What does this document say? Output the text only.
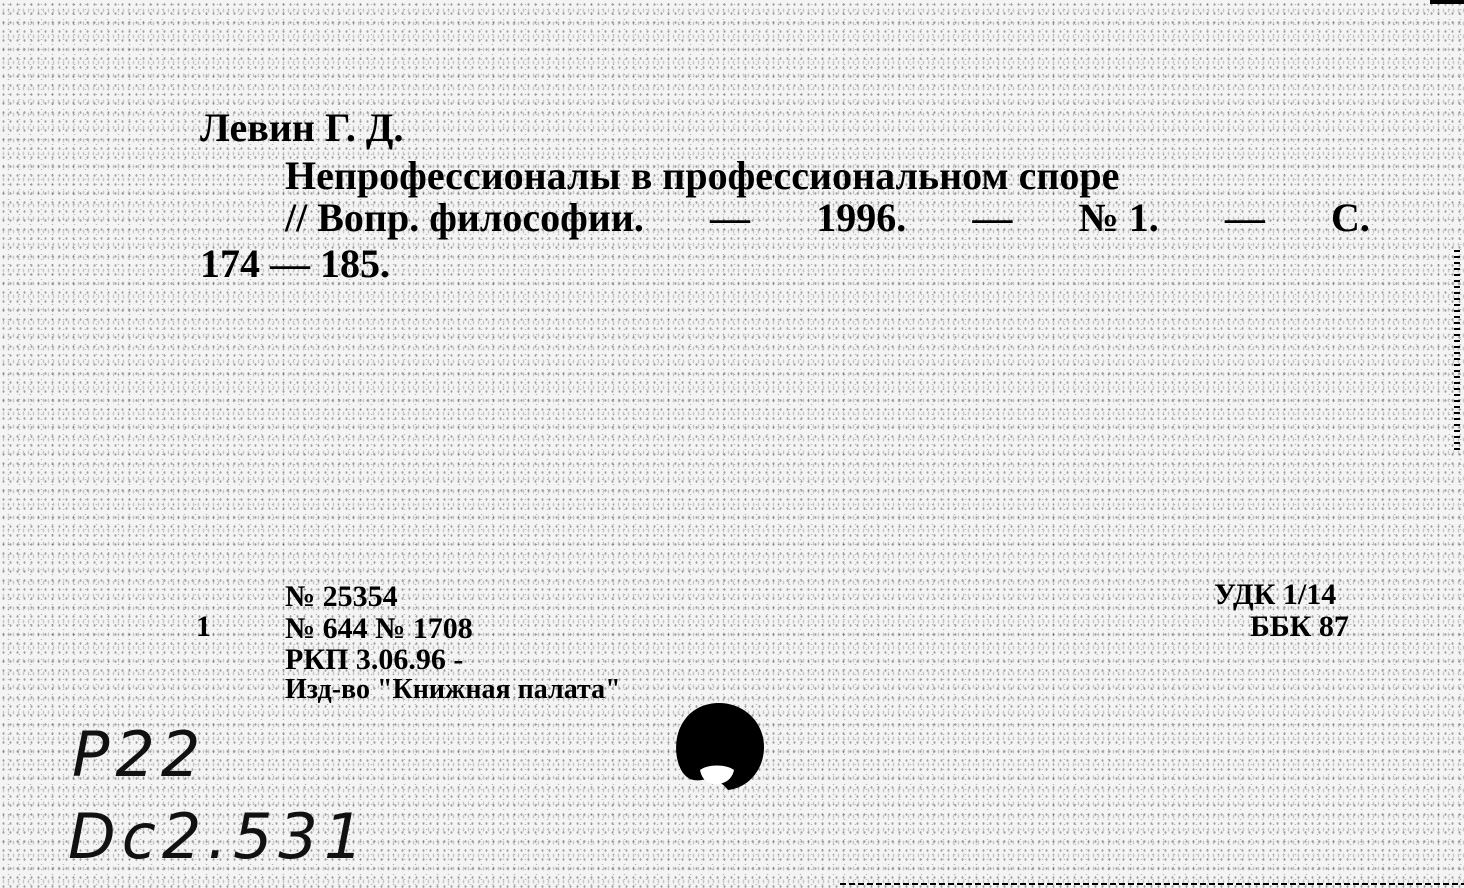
Левин Г. Д.
Непрофессионалы в профессиональном споре
// Вопр. философии. — 1996. — № 1. — С.
174 — 185.
1
№ 25354
№ 644 № 1708
РКП 3.06.96 -
Изд-во "Книжная палата"
УДК 1/14
ББК 87
P22
Dc2.531
